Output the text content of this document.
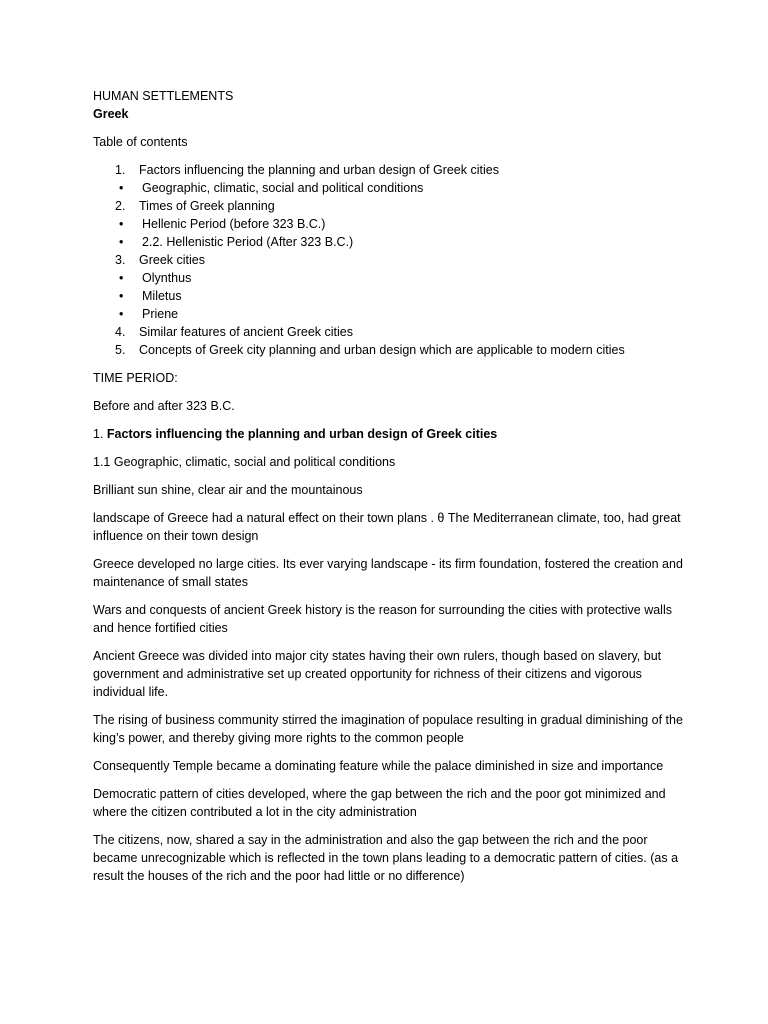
HUMAN SETTLEMENTS

Greek

Table of contents

1. Factors influencing the planning and urban design of Greek cities
• Geographic, climatic, social and political conditions
2. Times of Greek planning
• Hellenic Period (before 323 B.C.)
• 2.2. Hellenistic Period (After 323 B.C.)
3. Greek cities
• Olynthus
• Miletus
• Priene
4. Similar features of ancient Greek cities
5. Concepts of Greek city planning and urban design which are applicable to modern cities

TIME PERIOD:

Before and after 323 B.C.

1. Factors influencing the planning and urban design of Greek cities

1.1 Geographic, climatic, social and political conditions

Brilliant sun shine, clear air and the mountainous

landscape of Greece had a natural effect on their town plans . θ The Mediterranean climate, too, had great influence on their town design

Greece developed no large cities. Its ever varying landscape - its firm foundation, fostered the creation and maintenance of small states

Wars and conquests of ancient Greek history is the reason for surrounding the cities with protective walls and hence fortified cities

Ancient Greece was divided into major city states having their own rulers, though based on slavery, but government and administrative set up created opportunity for richness of their citizens and vigorous individual life.

The rising of business community stirred the imagination of populace resulting in gradual diminishing of the king’s power, and thereby giving more rights to the common people

Consequently Temple became a dominating feature while the palace diminished in size and importance

Democratic pattern of cities developed, where the gap between the rich and the poor got minimized and where the citizen contributed a lot in the city administration

The citizens, now, shared a say in the administration and also the gap between the rich and the poor became unrecognizable which is reflected in the town plans leading to a democratic pattern of cities. (as a result the houses of the rich and the poor had little or no difference)
